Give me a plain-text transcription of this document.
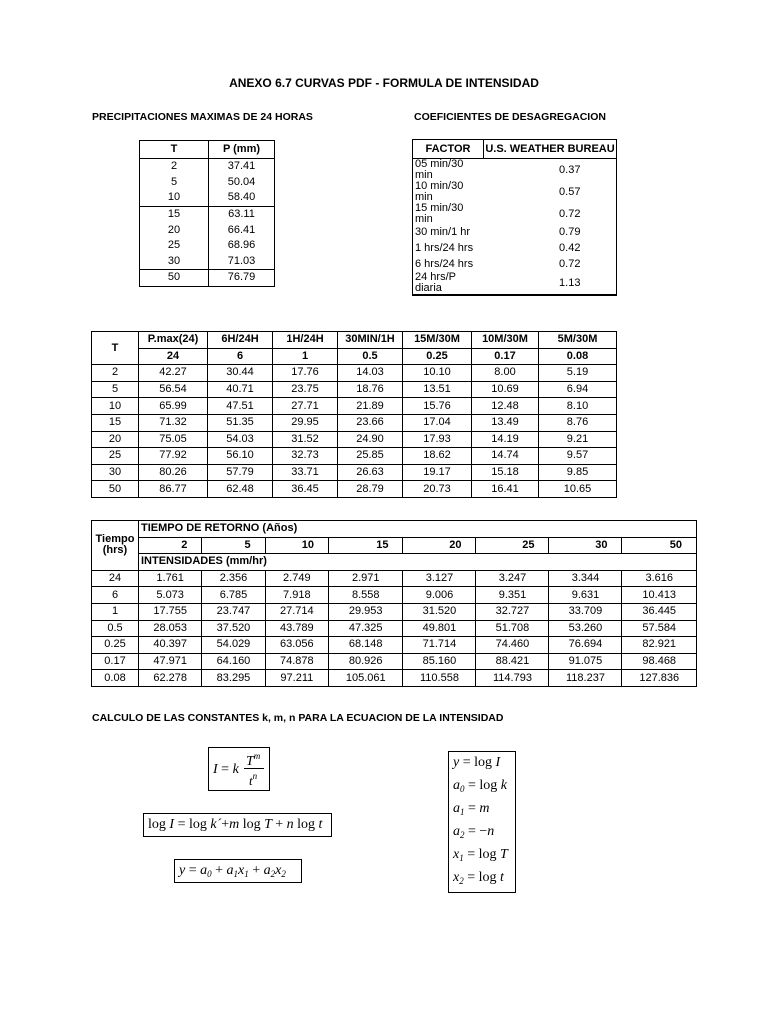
ANEXO 6.7 CURVAS PDF - FORMULA DE INTENSIDAD
PRECIPITACIONES MAXIMAS DE 24 HORAS	COEFICIENTES DE DESAGREGACION
T	P (mm)
2	37.41
5	50.04
10	58.40
15	63.11
20	66.41
25	68.96
30	71.03
50	76.79
FACTOR	U.S. WEATHER BUREAU
05 min/30 min	0.37
10 min/30 min	0.57
15 min/30 min	0.72
30 min/1 hr	0.79
1 hrs/24 hrs	0.42
6 hrs/24 hrs	0.72
24 hrs/P diaria	1.13
T	P.max(24)	6H/24H	1H/24H	30MIN/1H	15M/30M	10M/30M	5M/30M
	24	6	1	0.5	0.25	0.17	0.08
2	42.27	30.44	17.76	14.03	10.10	8.00	5.19
5	56.54	40.71	23.75	18.76	13.51	10.69	6.94
10	65.99	47.51	27.71	21.89	15.76	12.48	8.10
15	71.32	51.35	29.95	23.66	17.04	13.49	8.76
20	75.05	54.03	31.52	24.90	17.93	14.19	9.21
25	77.92	56.10	32.73	25.85	18.62	14.74	9.57
30	80.26	57.79	33.71	26.63	19.17	15.18	9.85
50	86.77	62.48	36.45	28.79	20.73	16.41	10.65
Tiempo (hrs)	TIEMPO DE RETORNO (Años)							
	2	5	10	15	20	25	30	50
	INTENSIDADES (mm/hr)							
24	1.761	2.356	2.749	2.971	3.127	3.247	3.344	3.616
6	5.073	6.785	7.918	8.558	9.006	9.351	9.631	10.413
1	17.755	23.747	27.714	29.953	31.520	32.727	33.709	36.445
0.5	28.053	37.520	43.789	47.325	49.801	51.708	53.260	57.584
0.25	40.397	54.029	63.056	68.148	71.714	74.460	76.694	82.921
0.17	47.971	64.160	74.878	80.926	85.160	88.421	91.075	98.468
0.08	62.278	83.295	97.211	105.061	110.558	114.793	118.237	127.836
CALCULO DE LAS CONSTANTES k, m, n PARA LA ECUACION DE LA INTENSIDAD
I = k
$T^m$
$t^n$
log I = log k´+m log T + n log t
$y = a_0 + a_1x_1 + a_2x_2$
y = log I
$a_0 = \log k$
$a_1 = m$
$a_2 = -n$
$x_1 = \log T$
$x_2 = \log t$
